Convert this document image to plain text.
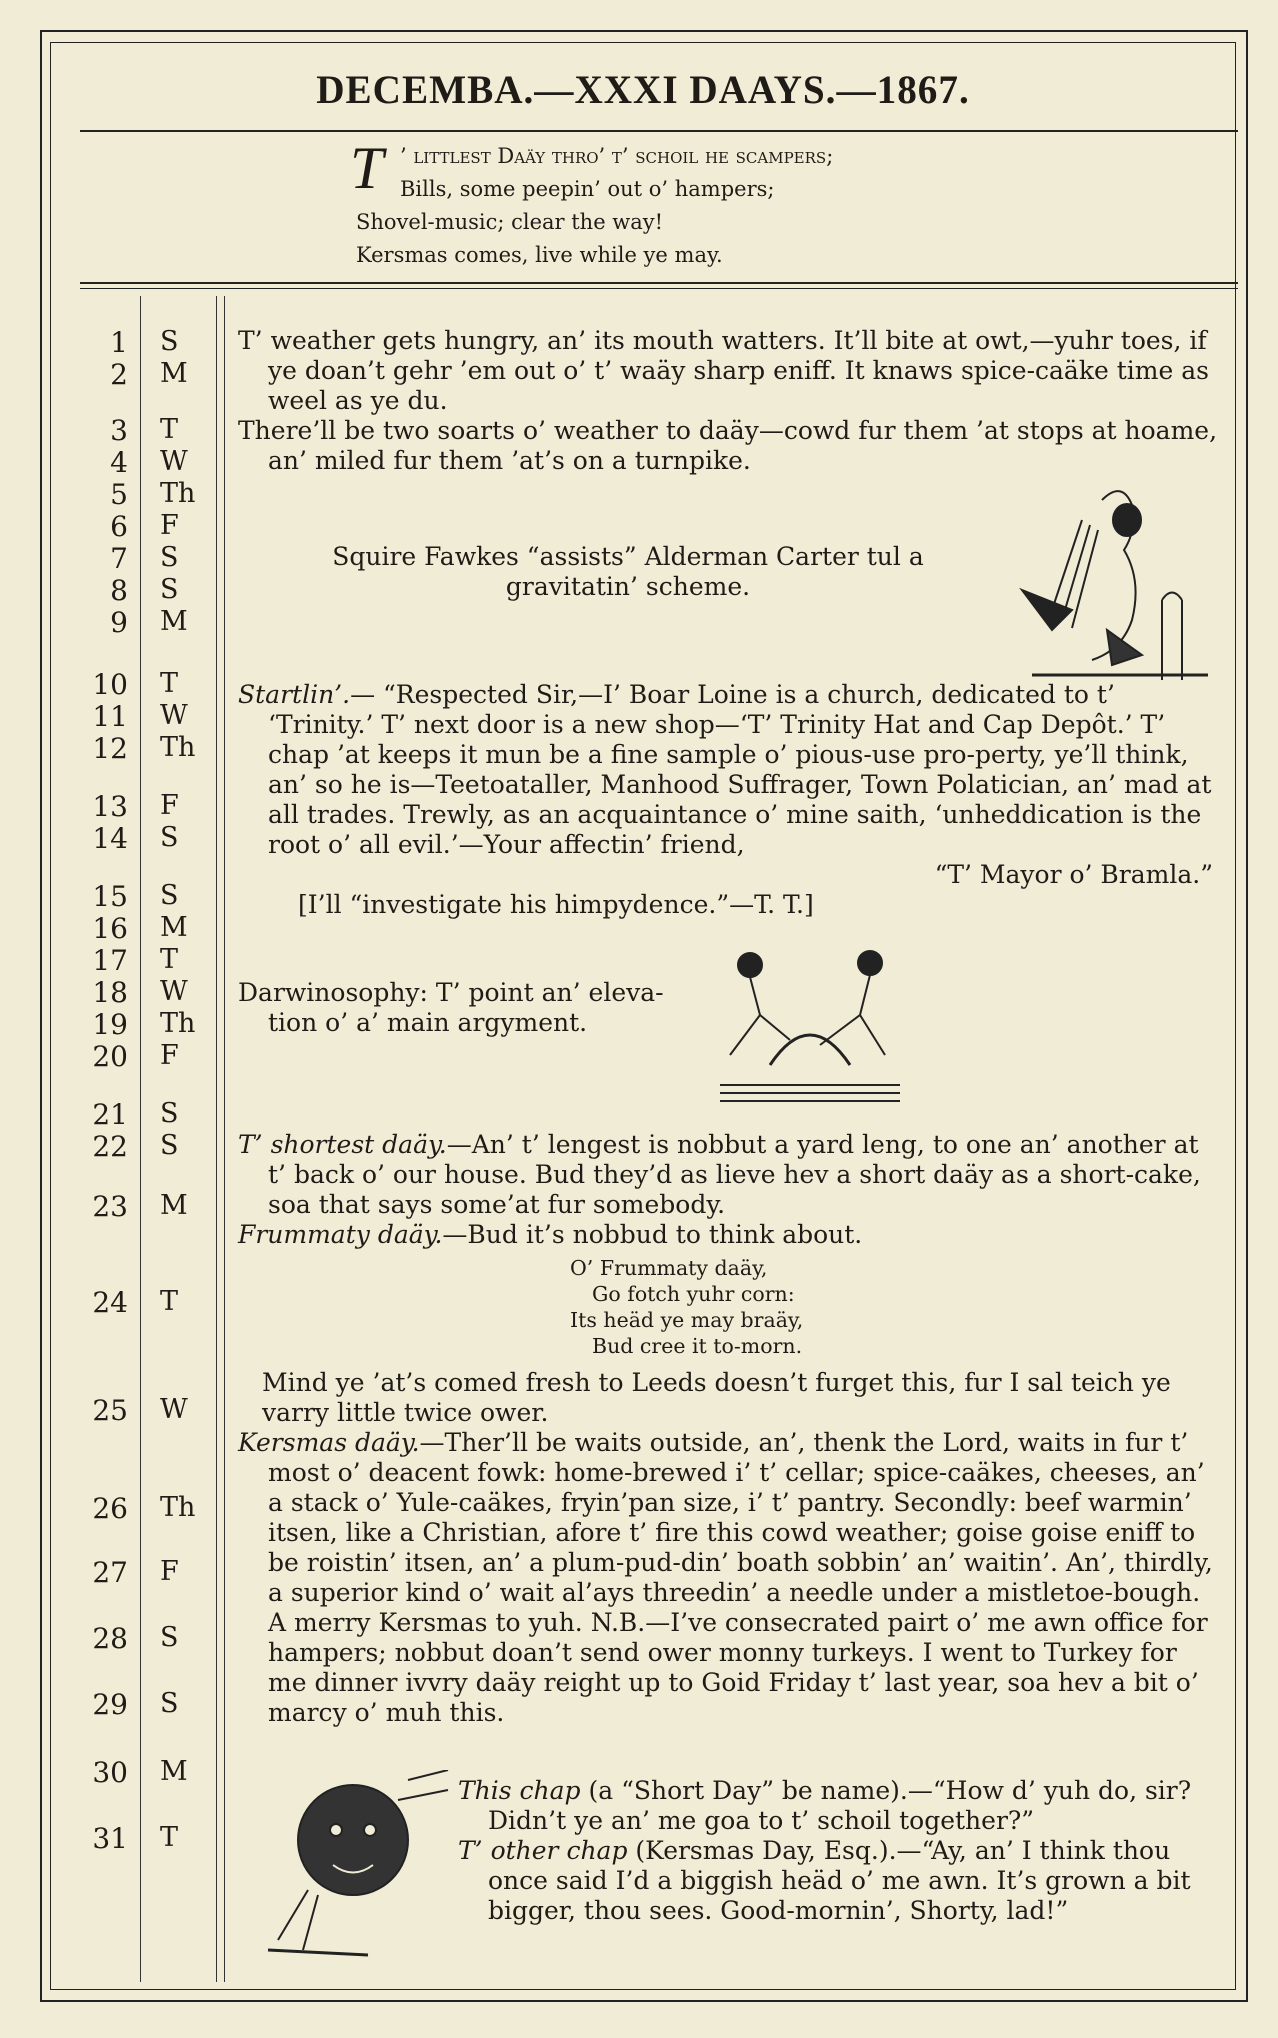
DECEMBA.—XXXI DAAYS.—1867.
T ’ littlest Daäy thro’ t’ schoil he scampers;
Bills, some peepin’ out o’ hampers;
Shovel-music; clear the way!
Kersmas comes, live while ye may.
1 S
2 M
3 T
4 W
5 Th
6 F
7 S
8 S
9 M
10 T
11 W
12 Th
13 F
14 S
15 S
16 M
17 T
18 W
19 Th
20 F
21 S
22 S
23 M
24 T
25 W
26 Th
27 F
28 S
29 S
30 M
31 T

T’ weather gets hungry, an’ its mouth watters. It’ll bite at owt,—yuhr toes, if ye doan’t gehr ’em out o’ t’ waäy sharp eniff. It knaws spice-caäke time as weel as ye du.

There’ll be two soarts o’ weather to daäy—cowd fur them ’at stops at hoame, an’ miled fur them ’at’s on a turnpike.

Squire Fawkes “assists” Alderman Carter tul a gravitatin’ scheme.

Startlin’.— “Respected Sir,—I’ Boar Loine is a church, dedicated to t’ ‘Trinity.’ T’ next door is a new shop—‘T’ Trinity Hat and Cap Depôt.’ T’ chap ’at keeps it mun be a fine sample o’ pious-use pro-perty, ye’ll think, an’ so he is—Teetoataller, Manhood Suffrager, Town Polatician, an’ mad at all trades. Trewly, as an acquaintance o’ mine saith, ‘unheddication is the root o’ all evil.’—Your affectin’ friend,

“T’ Mayor o’ Bramla.”

[I’ll “investigate his himpydence.”—T. T.]

Darwinosophy: T’ point an’ eleva-tion o’ a’ main argyment.

T’ shortest daäy.—An’ t’ lengest is nobbut a yard leng, to one an’ another at t’ back o’ our house. Bud they’d as lieve hev a short daäy as a short-cake, soa that says some’at fur somebody.

Frummaty daäy.—Bud it’s nobbud to think about.

O’ Frummaty daäy,
Go fotch yuhr corn:
Its heäd ye may braäy,
Bud cree it to-morn.

Mind ye ’at’s comed fresh to Leeds doesn’t furget this, fur I sal teich ye varry little twice ower.

Kersmas daäy.—Ther’ll be waits outside, an’, thenk the Lord, waits in fur t’ most o’ deacent fowk: home-brewed i’ t’ cellar; spice-caäkes, cheeses, an’ a stack o’ Yule-caäkes, fryin’pan size, i’ t’ pantry. Secondly: beef warmin’ itsen, like a Christian, afore t’ fire this cowd weather; goise goise eniff to be roistin’ itsen, an’ a plum-pud-din’ boath sobbin’ an’ waitin’. An’, thirdly, a superior kind o’ wait al’ays threedin’ a needle under a mistletoe-bough. A merry Kersmas to yuh. N.B.—I’ve consecrated pairt o’ me awn office for hampers; nobbut doan’t send ower monny turkeys. I went to Turkey for me dinner ivvry daäy reight up to Goid Friday t’ last year, soa hev a bit o’ marcy o’ muh this.

This chap (a “Short Day” be name).—“How d’ yuh do, sir? Didn’t ye an’ me goa to t’ schoil together?”

T’ other chap (Kersmas Day, Esq.).—“Ay, an’ I think thou once said I’d a biggish heäd o’ me awn. It’s grown a bit bigger, thou sees. Good-mornin’, Shorty, lad!”
